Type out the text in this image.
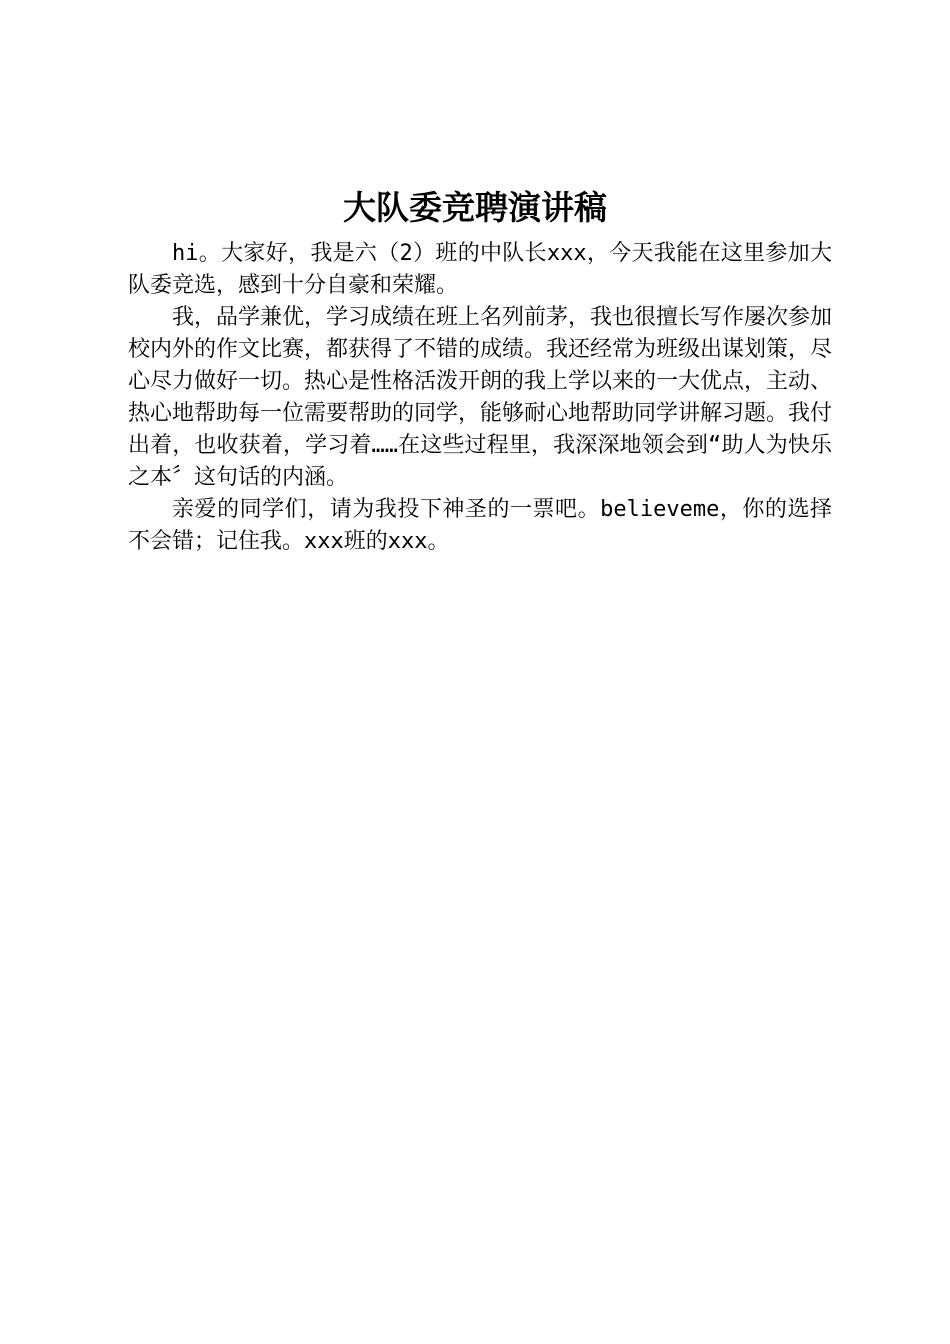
大队委竞聘演讲稿

hi。大家好，我是六（2）班的中队长xxx，今天我能在这里参加大队委竞选，感到十分自豪和荣耀。

我，品学兼优，学习成绩在班上名列前茅，我也很擅长写作屡次参加校内外的作文比赛，都获得了不错的成绩。我还经常为班级出谋划策，尽心尽力做好一切。热心是性格活泼开朗的我上学以来的一大优点，主动、热心地帮助每一位需要帮助的同学，能够耐心地帮助同学讲解习题。我付出着，也收获着，学习着……在这些过程里，我深深地领会到“助人为快乐之本〞这句话的内涵。

亲爱的同学们，请为我投下神圣的一票吧。believeme，你的选择不会错；记住我。xxx班的xxx。
